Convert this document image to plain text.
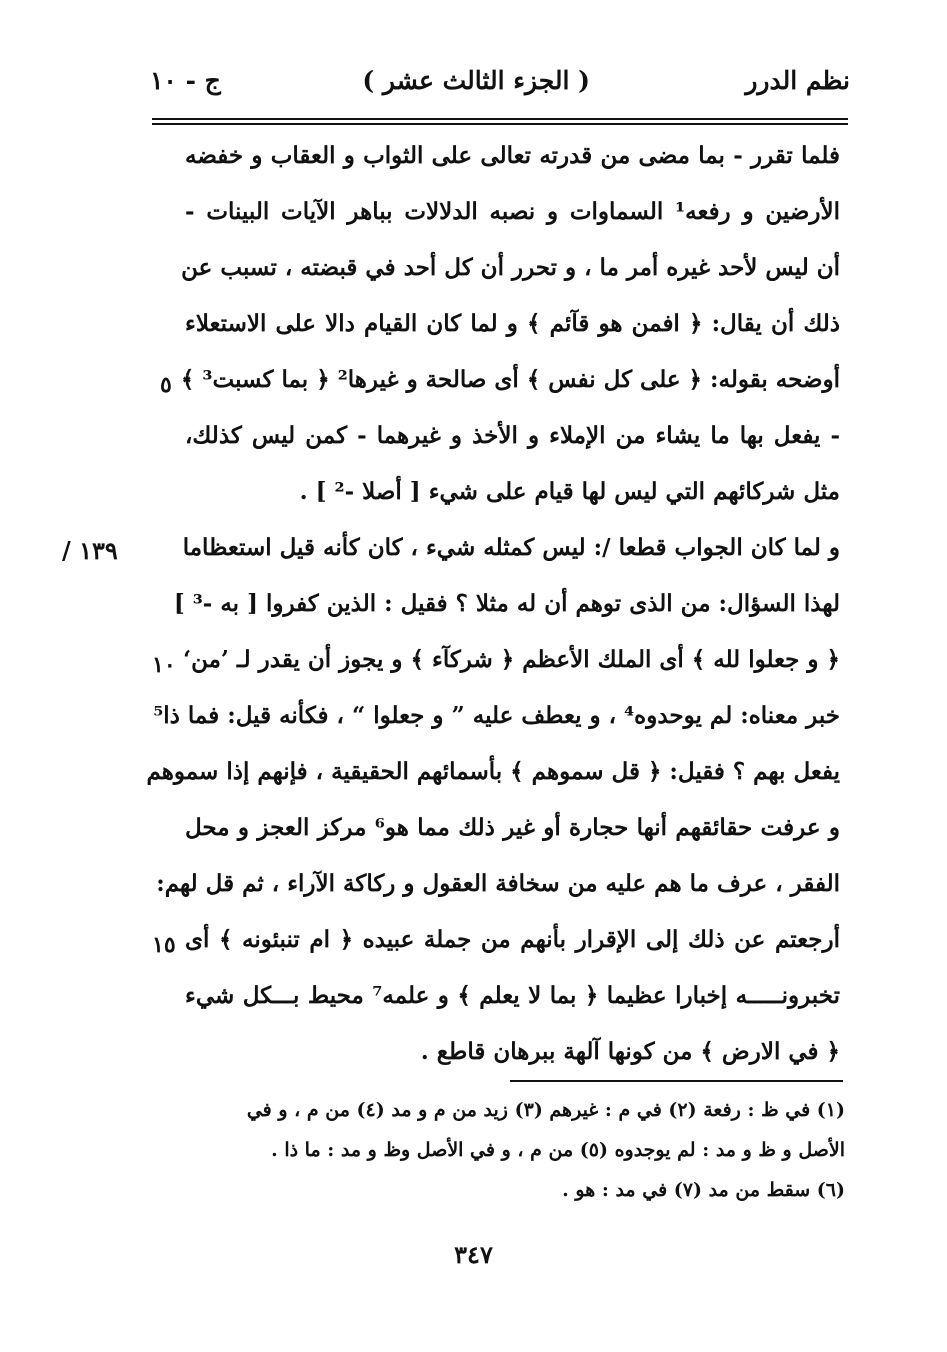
نظم الدرر
( الجزء الثالث عشر )
ج - ١٠
فلما تقرر - بما مضى من قدرته تعالى على الثواب و العقاب و خفضه
الأرضين و رفعه¹ السماوات و نصبه الدلالات بباهر الآيات البينات -
أن ليس لأحد غيره أمر ما ، و تحرر أن كل أحد في قبضته ، تسبب عن
ذلك أن يقال: ﴿ افمن هو قآئم ﴾ و لما كان القيام دالا على الاستعلاء
أوضحه بقوله: ﴿ على كل نفس ﴾ أى صالحة و غيرها² ﴿ بما كسبت³ ﴾
- يفعل بها ما يشاء من الإملاء و الأخذ و غيرهما - كمن ليس كذلك،
مثل شركائهم التي ليس لها قيام على شيء [ أصلا -² ] .
و لما كان الجواب قطعا /: ليس كمثله شيء ، كان كأنه قيل استعظاما
لهذا السؤال: من الذى توهم أن له مثلا ؟ فقيل : الذين كفروا [ به -³ ]
﴿ و جعلوا لله ﴾ أى الملك الأعظم ﴿ شركآء ﴾ و يجوز أن يقدر لـ ’من‘
خبر معناه: لم يوحدوه⁴ ، و يعطف عليه ” و جعلوا “ ، فكأنه قيل: فما ذا⁵
يفعل بهم ؟ فقيل: ﴿ قل سموهم ﴾ بأسمائهم الحقيقية ، فإنهم إذا سموهم
و عرفت حقائقهم أنها حجارة أو غير ذلك مما هو⁶ مركز العجز و محل
الفقر ، عرف ما هم عليه من سخافة العقول و ركاكة الآراء ، ثم قل لهم:
أرجعتم عن ذلك إلى الإقرار بأنهم من جملة عبيده ﴿ ام تنبئونه ﴾ أى
تخبرونـــــه إخبارا عظيما ﴿ بما لا يعلم ﴾ و علمه⁷ محيط بـــكل شيء
﴿ في الارض ﴾ من كونها آلهة ببرهان قاطع .
٥
١٠
١٥
١٣٩ /
(١) في ظ : رفعة (٢) في م : غيرهم (٣) زيد من م و مد (٤) من م ، و في
الأصل و ظ و مد : لم يوجدوه (٥) من م ، و في الأصل وظ و مد : ما ذا .
(٦) سقط من مد (٧) في مد : هو .
٣٤٧
